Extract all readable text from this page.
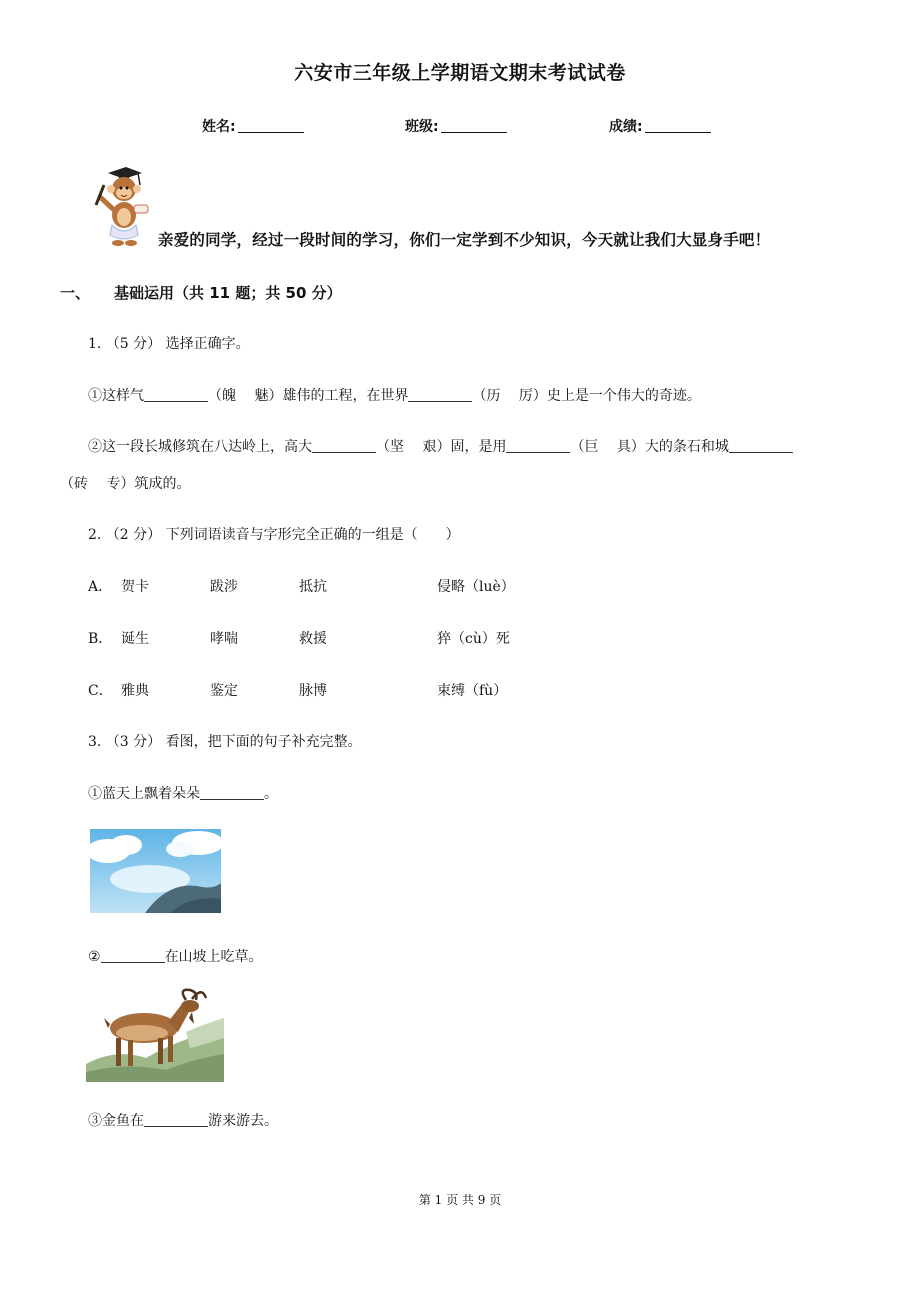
六安市三年级上学期语文期末考试试卷
姓名:	班级:	成绩:
亲爱的同学，经过一段时间的学习，你们一定学到不少知识，今天就让我们大显身手吧！
一、 基础运用（共 11 题；共 50 分）
1. （5 分） 选择正确字。
①这样气	（魄　 魅）雄伟的工程，在世界	（历　 厉）史上是一个伟大的奇迹。
②这一段长城修筑在八达岭上，高大	（坚　 艰）固，是用	（巨　 具）大的条石和城
（砖　 专）筑成的。
2. （2 分） 下列词语读音与字形完全正确的一组是（　　）
A． 贺卡	跋涉	抵抗	侵略（luè）
B． 诞生	哮喘	救援	猝（cù）死
C． 雅典	鉴定	脉博	束缚（fù）
3. （3 分） 看图，把下面的句子补充完整。
①蓝天上飘着朵朵	。
②	在山坡上吃草。
③金鱼在	游来游去。
第 1 页 共 9 页
